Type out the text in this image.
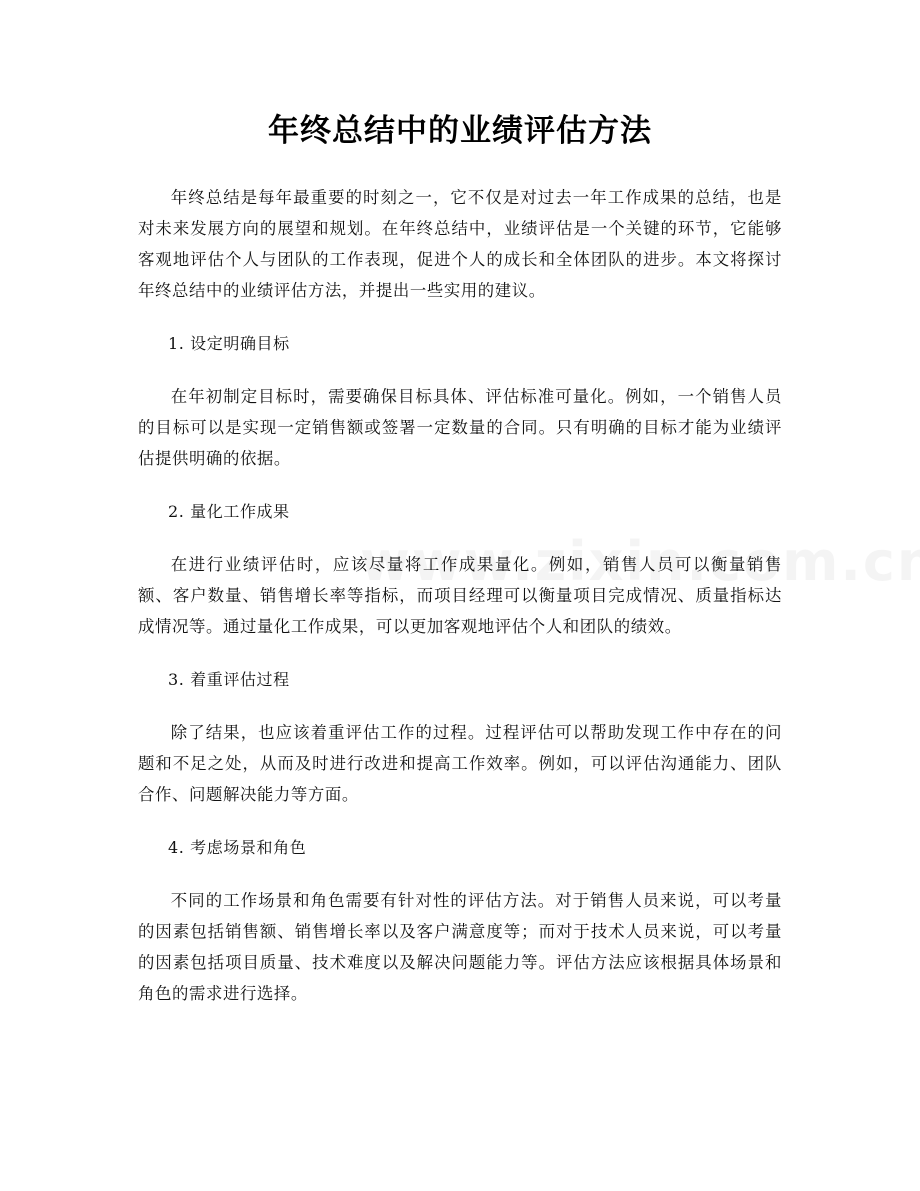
年终总结中的业绩评估方法

年终总结是每年最重要的时刻之一，它不仅是对过去一年工作成果的总结，也是对未来发展方向的展望和规划。在年终总结中，业绩评估是一个关键的环节，它能够客观地评估个人与团队的工作表现，促进个人的成长和全体团队的进步。本文将探讨年终总结中的业绩评估方法，并提出一些实用的建议。

1. 设定明确目标

在年初制定目标时，需要确保目标具体、评估标准可量化。例如，一个销售人员的目标可以是实现一定销售额或签署一定数量的合同。只有明确的目标才能为业绩评估提供明确的依据。

2. 量化工作成果

在进行业绩评估时，应该尽量将工作成果量化。例如，销售人员可以衡量销售额、客户数量、销售增长率等指标，而项目经理可以衡量项目完成情况、质量指标达成情况等。通过量化工作成果，可以更加客观地评估个人和团队的绩效。

3. 着重评估过程

除了结果，也应该着重评估工作的过程。过程评估可以帮助发现工作中存在的问题和不足之处，从而及时进行改进和提高工作效率。例如，可以评估沟通能力、团队合作、问题解决能力等方面。

4. 考虑场景和角色

不同的工作场景和角色需要有针对性的评估方法。对于销售人员来说，可以考量的因素包括销售额、销售增长率以及客户满意度等；而对于技术人员来说，可以考量的因素包括项目质量、技术难度以及解决问题能力等。评估方法应该根据具体场景和角色的需求进行选择。
